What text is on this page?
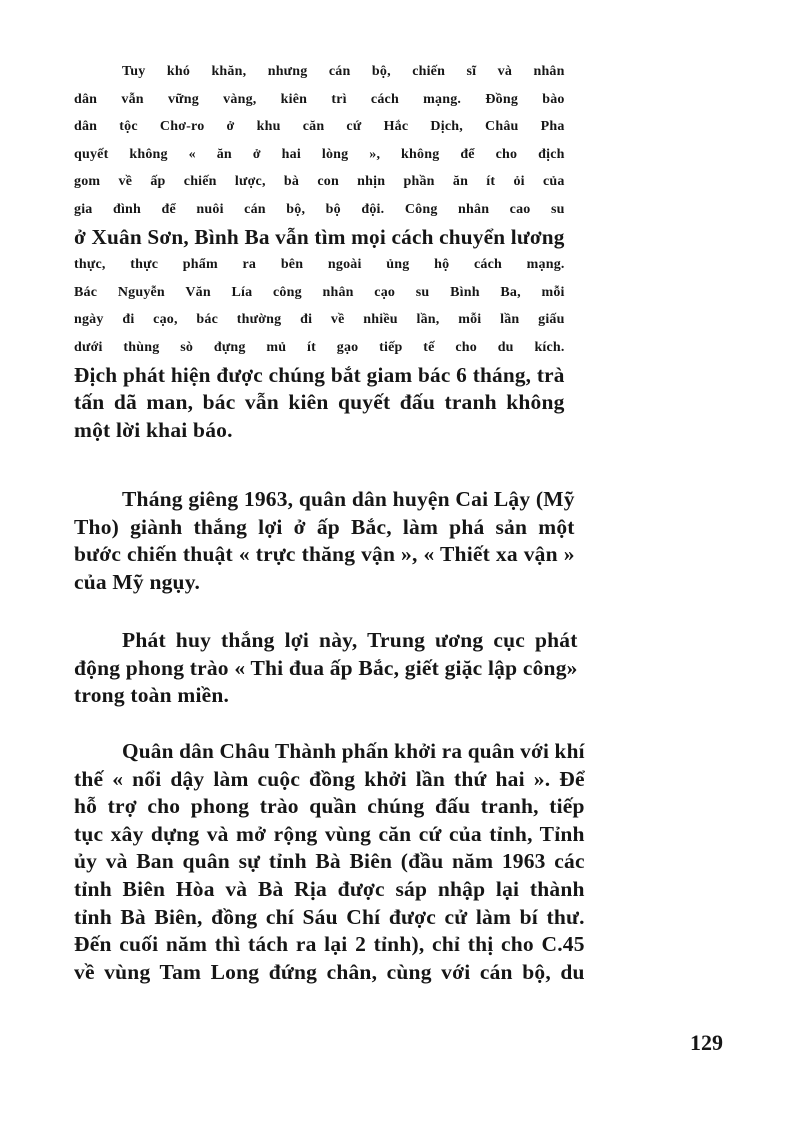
Tuy khó khăn, nhưng cán bộ, chiến sĩ và nhân
dân vẫn vững vàng, kiên trì cách mạng. Đồng bào
dân tộc Chơ-ro ở khu căn cứ Hắc Dịch, Châu Pha
quyết không « ăn ở hai lòng », không để cho địch
gom về ấp chiến lược, bà con nhịn phần ăn ít ỏi của
gia đình để nuôi cán bộ, bộ đội. Công nhân cao su
ở Xuân Sơn, Bình Ba vẫn tìm mọi cách chuyển lương
thực, thực phẩm ra bên ngoài ủng hộ cách mạng.
Bác Nguyễn Văn Lía công nhân cạo su Bình Ba, mỗi
ngày đi cạo, bác thường đi về nhiều lần, mỗi lần giấu
dưới thùng sò đựng mủ ít gạo tiếp tế cho du kích.
Địch phát hiện được chúng bắt giam bác 6 tháng, trà
tấn dã man, bác vẫn kiên quyết đấu tranh không
một lời khai báo.

Tháng giêng 1963, quân dân huyện Cai Lậy (Mỹ
Tho) giành thắng lợi ở ấp Bắc, làm phá sản một
bước chiến thuật « trực thăng vận », « Thiết xa vận »
của Mỹ ngụy.

Phát huy thắng lợi này, Trung ương cục phát
động phong trào « Thi đua ấp Bắc, giết giặc lập công»
trong toàn miền.

Quân dân Châu Thành phấn khởi ra quân với khí
thế « nổi dậy làm cuộc đồng khởi lần thứ hai ». Để
hỗ trợ cho phong trào quần chúng đấu tranh, tiếp
tục xây dựng và mở rộng vùng căn cứ của tỉnh, Tỉnh
ủy và Ban quân sự tỉnh Bà Biên (đầu năm 1963 các
tỉnh Biên Hòa và Bà Rịa được sáp nhập lại thành
tỉnh Bà Biên, đồng chí Sáu Chí được cử làm bí thư.
Đến cuối năm thì tách ra lại 2 tỉnh), chỉ thị cho C.45
về vùng Tam Long đứng chân, cùng với cán bộ, du

129
